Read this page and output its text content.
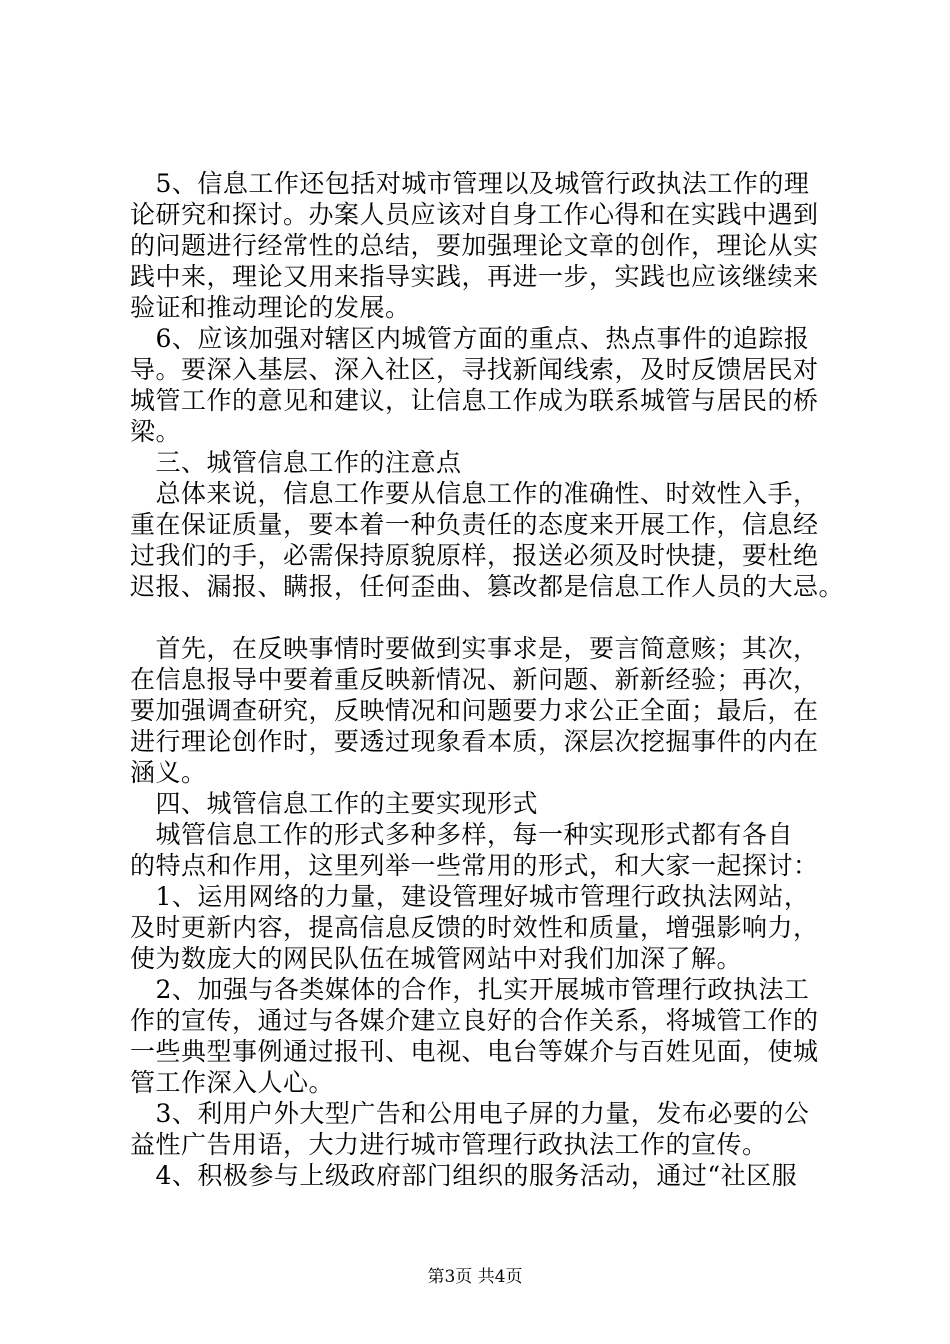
　5、信息工作还包括对城市管理以及城管行政执法工作的理
论研究和探讨。办案人员应该对自身工作心得和在实践中遇到
的问题进行经常性的总结，要加强理论文章的创作，理论从实
践中来，理论又用来指导实践，再进一步，实践也应该继续来
验证和推动理论的发展。
　6、应该加强对辖区内城管方面的重点、热点事件的追踪报
导。要深入基层、深入社区，寻找新闻线索，及时反馈居民对
城管工作的意见和建议，让信息工作成为联系城管与居民的桥
梁。
　三、城管信息工作的注意点
　总体来说，信息工作要从信息工作的准确性、时效性入手，
重在保证质量，要本着一种负责任的态度来开展工作，信息经
过我们的手，必需保持原貌原样，报送必须及时快捷，要杜绝
迟报、漏报、瞒报，任何歪曲、篡改都是信息工作人员的大忌。
　首先，在反映事情时要做到实事求是，要言简意赅；其次，
在信息报导中要着重反映新情况、新问题、新新经验；再次，
要加强调查研究，反映情况和问题要力求公正全面；最后，在
进行理论创作时，要透过现象看本质，深层次挖掘事件的内在
涵义。
　四、城管信息工作的主要实现形式
　城管信息工作的形式多种多样，每一种实现形式都有各自
的特点和作用，这里列举一些常用的形式，和大家一起探讨：
　1、运用网络的力量，建设管理好城市管理行政执法网站，
及时更新内容，提高信息反馈的时效性和质量，增强影响力，
使为数庞大的网民队伍在城管网站中对我们加深了解。
　2、加强与各类媒体的合作，扎实开展城市管理行政执法工
作的宣传，通过与各媒介建立良好的合作关系，将城管工作的
一些典型事例通过报刊、电视、电台等媒介与百姓见面，使城
管工作深入人心。
　3、利用户外大型广告和公用电子屏的力量，发布必要的公
益性广告用语，大力进行城市管理行政执法工作的宣传。
　4、积极参与上级政府部门组织的服务活动，通过“社区服
第3页 共4页
